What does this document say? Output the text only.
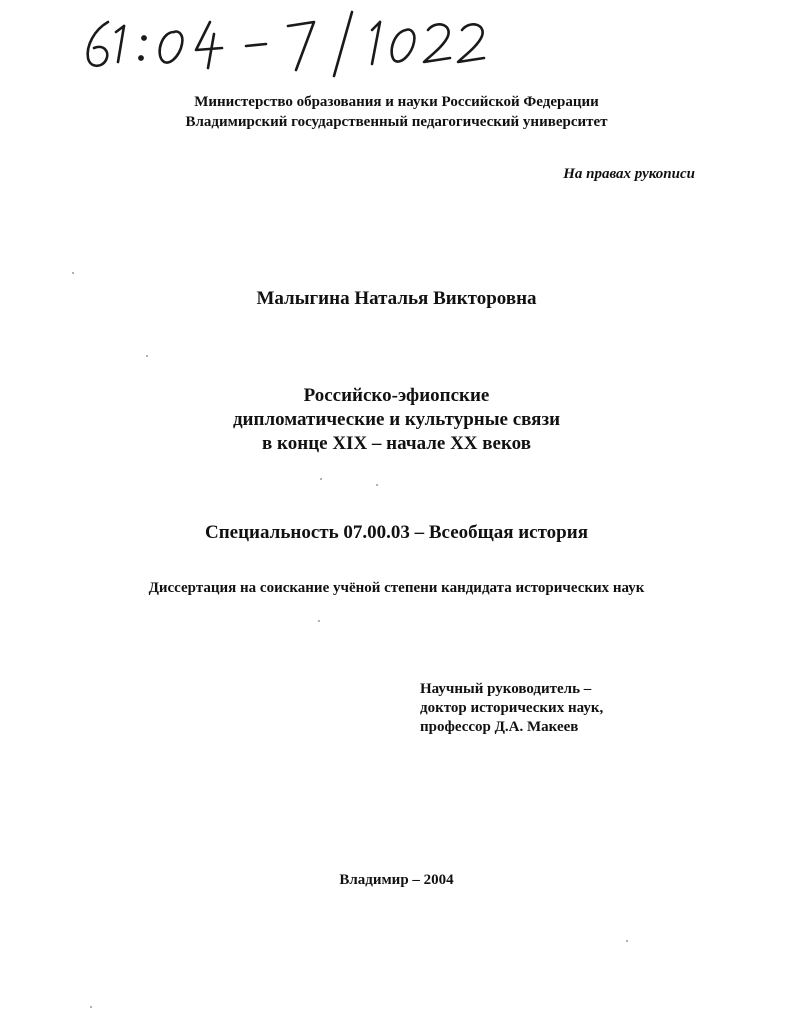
Министерство образования и науки Российской Федерации
Владимирский государственный педагогический университет
На правах рукописи
Малыгина Наталья Викторовна
Российско-эфиопские
дипломатические и культурные связи
в конце XIX – начале XX веков
Специальность 07.00.03 – Всеобщая история
Диссертация на соискание учёной степени кандидата исторических наук
Научный руководитель –
доктор исторических наук,
профессор Д.А. Макеев
Владимир – 2004
